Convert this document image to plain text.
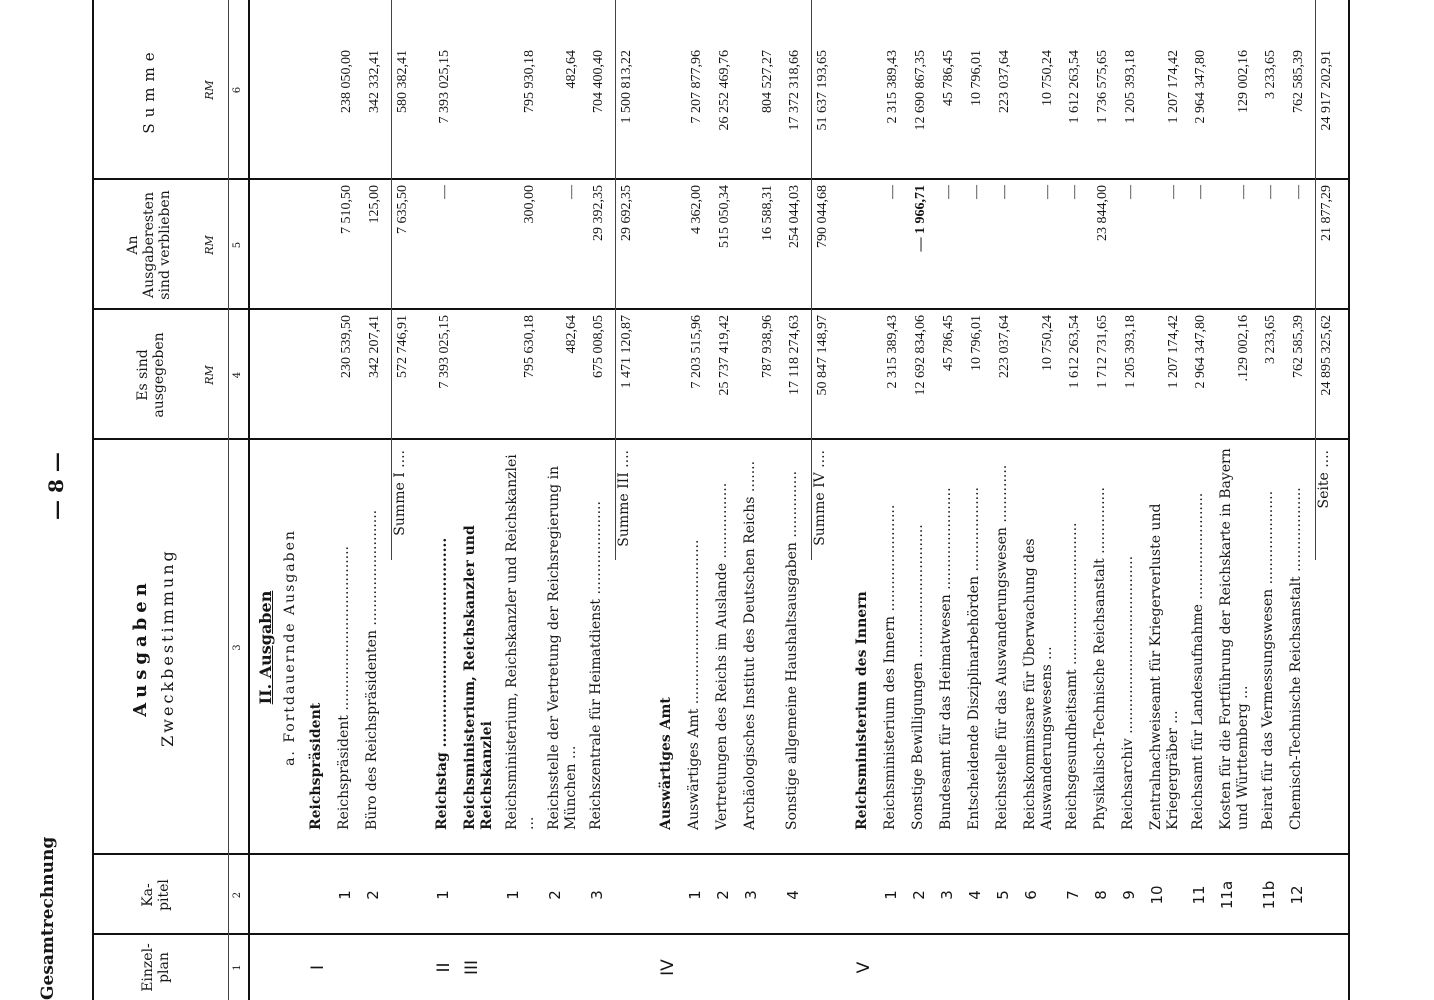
Gesamtrechnung
— 8 —
Einzel-
plan
Ka-
pitel
Ausgaben Zweckbestimmung
Es sind
ausgegeben
An
Ausgaberesten
sind verblieben
Summe
RM
RM
RM
1
2
3
4
5
6
II. Ausgaben a. Fortdauernde Ausgaben
I
Reichspräsident
1
Reichspräsident .....................................
230 539,50
7 510,50
238 050,00
2
Büro des Reichspräsidenten ..........................
342 207,41
125,00
342 332,41
Summe I ....
572 746,91
7 635,50
580 382,41
II
1
Reichstag ...........................................
7 393 025,15
—
7 393 025,15
III
Reichsministerium, Reichskanzler und Reichskanzlei
1
Reichsministerium, Reichskanzler und Reichskanzlei ...
795 630,18
300,00
795 930,18
2
Reichsstelle der Vertretung der Reichsregierung in München ...
482,64
—
482,64
3
Reichszentrale für Heimatdienst .....................
675 008,05
29 392,35
704 400,40
Summe III ....
1 471 120,87
29 692,35
1 500 813,22
IV
Auswärtiges Amt
1
Auswärtiges Amt .....................................
7 203 515,96
4 362,00
7 207 877,96
2
Vertretungen des Reichs im Auslande .................
25 737 419,42
515 050,34
26 252 469,76
3
Archäologisches Institut des Deutschen Reichs .......
787 938,96
16 588,31
804 527,27
4
Sonstige allgemeine Haushaltsausgaben ...............
17 118 274,63
254 044,03
17 372 318,66
Summe IV ....
50 847 148,97
790 044,68
51 637 193,65
V
Reichsministerium des Innern
1
Reichsministerium des Innern ........................
2 315 389,43
—
2 315 389,43
2
Sonstige Bewilligungen ..............................
12 692 834,06
— 1 966,71
12 690 867,35
3
Bundesamt für das Heimatwesen .......................
45 786,45
—
45 786,45
4
Entscheidende Disziplinarbehörden ...................
10 796,01
—
10 796,01
5
Reichsstelle für das Auswanderungswesen .............
223 037,64
—
223 037,64
6
Reichskommissare für Überwachung des Auswanderungswesens ...
10 750,24
—
10 750,24
7
Reichsgesundheitsamt ................................
1 612 263,54
—
1 612 263,54
8
Physikalisch-Technische Reichsanstalt ...............
1 712 731,65
23 844,00
1 736 575,65
9
Reichsarchiv ........................................
1 205 393,18
—
1 205 393,18
10
Zentralnachweiseamt für Kriegerverluste und Kriegergräber ...
1 207 174,42
—
1 207 174,42
11
Reichsamt für Landesaufnahme ........................
2 964 347,80
—
2 964 347,80
11a
Kosten für die Fortführung der Reichskarte in Bayern und Württemberg ...
.129 002,16
—
129 002,16
11b
Beirat für das Vermessungswesen .....................
3 233,65
—
3 233,65
12
Chemisch-Technische Reichsanstalt ...................
762 585,39
—
762 585,39
Seite ....
24 895 325,62
21 877,29
24 917 202,91
